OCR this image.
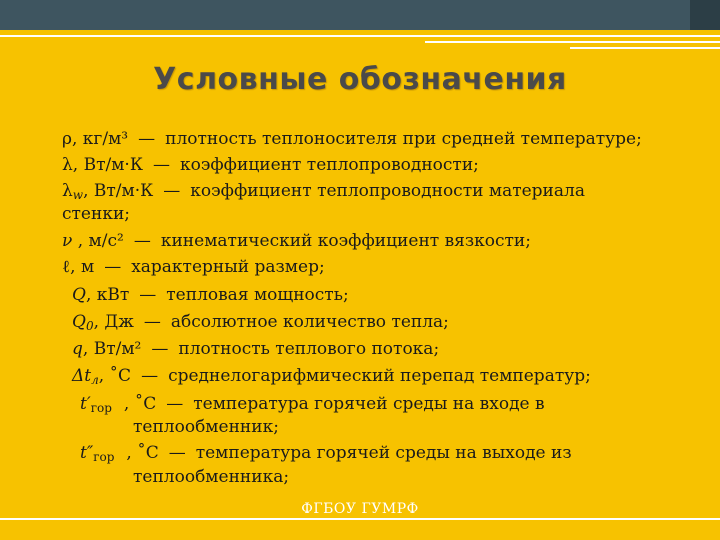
Условные обозначения
ρ, кг/м³ — плотность теплоносителя при средней температуре;
λ, Вт/м·К — коэффициент теплопроводности;
λw, Вт/м·К — коэффициент теплопроводности материала
стенки;
ν , м/с² — кинематический коэффициент вязкости;
ℓ, м — характерный размер;
Q, кВт — тепловая мощность;
Q0, Дж — абсолютное количество тепла;
q, Вт/м² — плотность теплового потока;
Δtл, ˚С — среднелогарифмический перепад температур;
t′гор , ˚С — температура горячей среды на входе в
теплообменник;
t″гор , ˚С — температура горячей среды на выходе из
теплообменника;
ФГБОУ ГУМРФ
